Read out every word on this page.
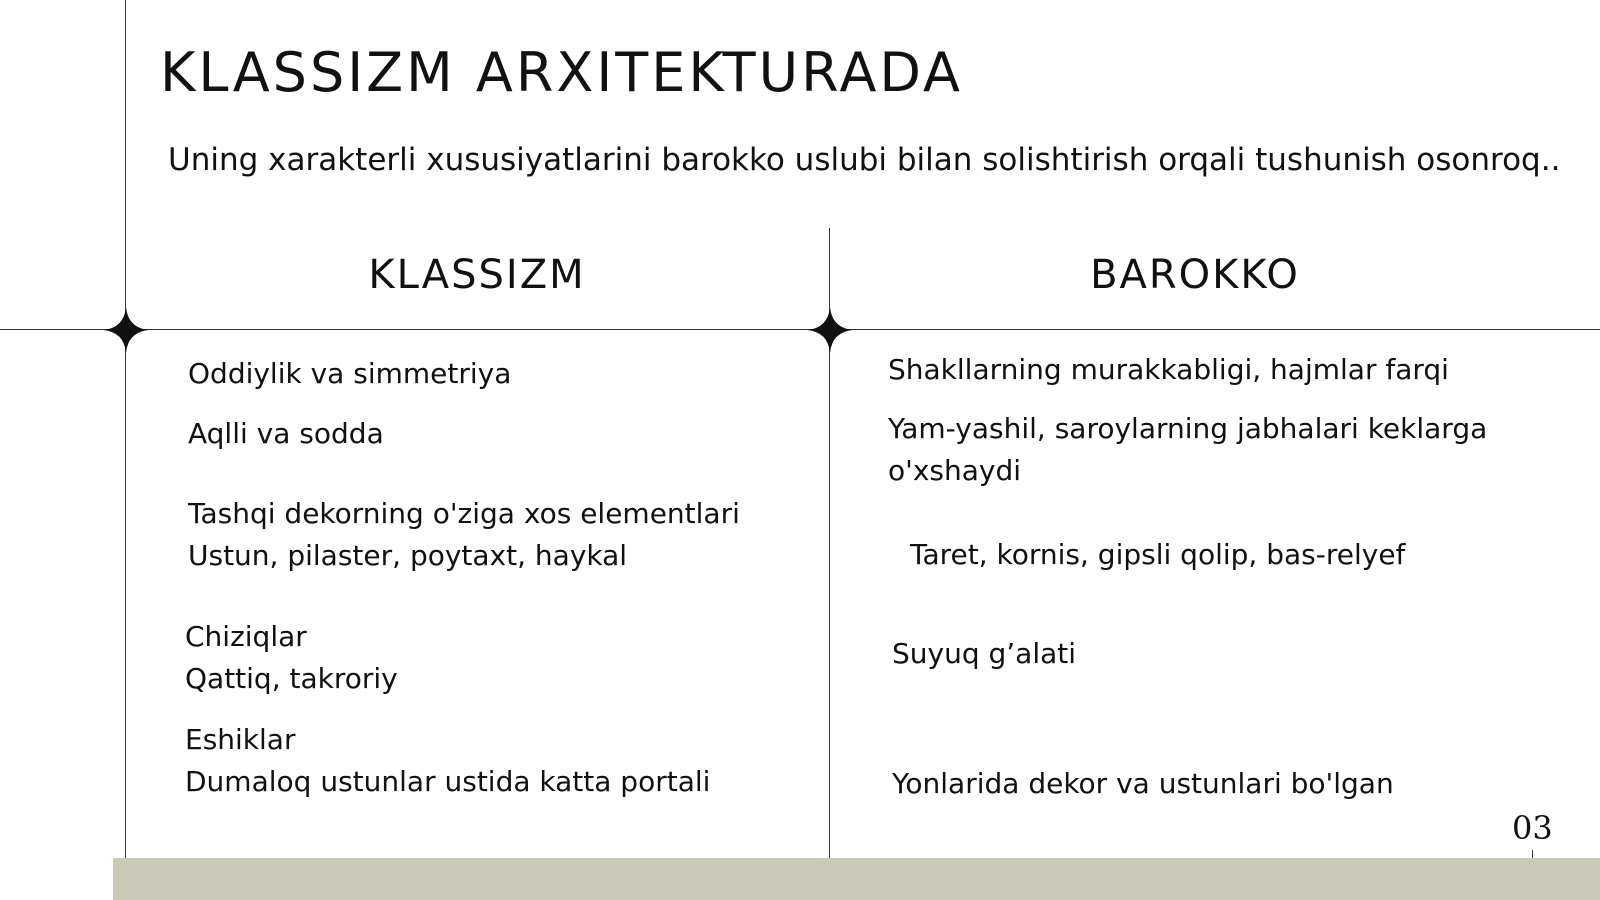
KLASSIZM ARXITEKTURADA

Uning xarakterli xususiyatlarini barokko uslubi bilan solishtirish orqali tushunish osonroq..

KLASSIZM	BAROKKO
Oddiylik va simmetriya
Aqlli va sodda
Tashqi dekorning o'ziga xos elementlari
Ustun, pilaster, poytaxt, haykal
Chiziqlar
Qattiq, takroriy
Eshiklar
Dumaloq ustunlar ustida katta portali
Shakllarning murakkabligi, hajmlar farqi
Yam-yashil, saroylarning jabhalari keklarga
o'xshaydi
Taret, kornis, gipsli qolip, bas-relyef
Suyuq g’alati
Yonlarida dekor va ustunlari bo'lgan
03
